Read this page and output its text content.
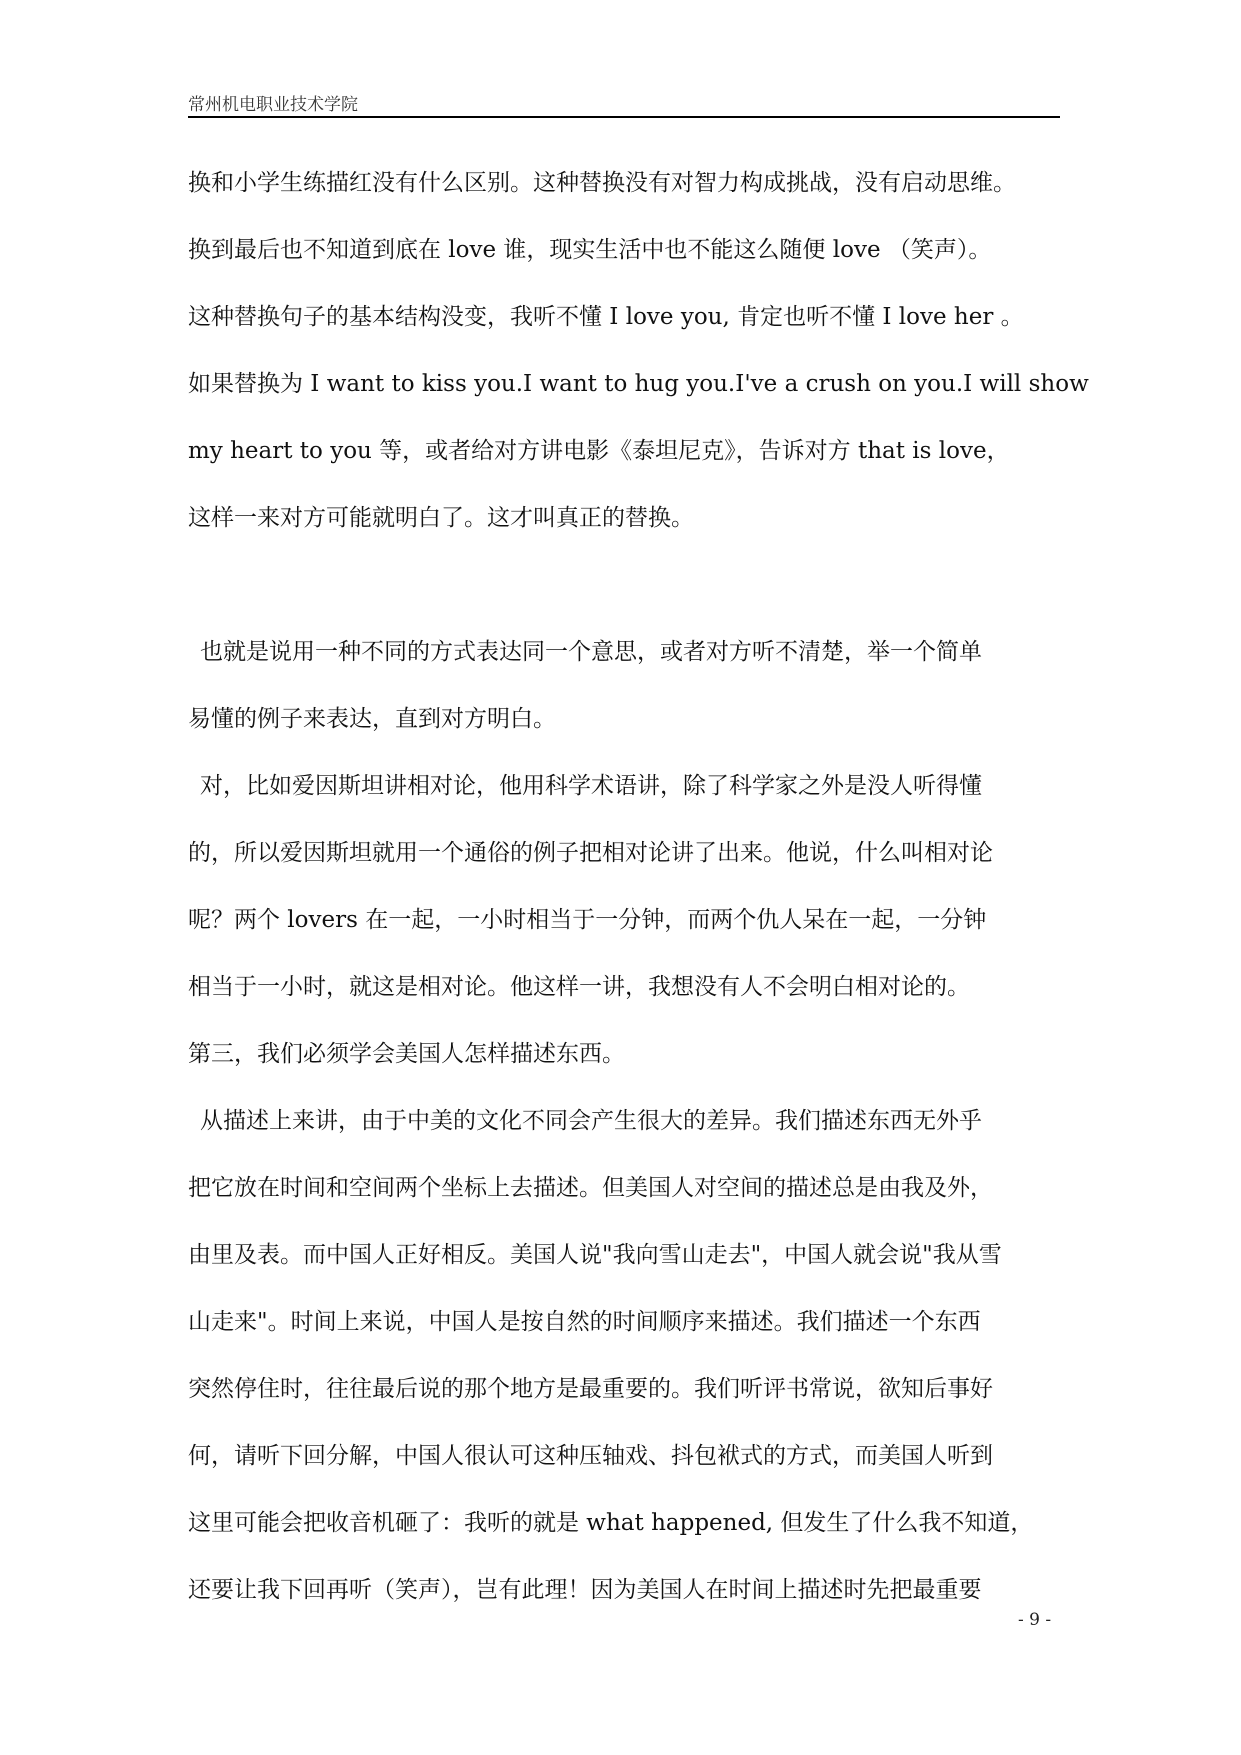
常州机电职业技术学院
换和小学生练描红没有什么区别。这种替换没有对智力构成挑战，没有启动思维。
换到最后也不知道到底在 love 谁，现实生活中也不能这么随便 love （笑声）。
这种替换句子的基本结构没变，我听不懂 I love you, 肯定也听不懂 I love her 。
如果替换为 I want to kiss you.I want to hug you.I've a crush on you.I will show
my heart to you 等，或者给对方讲电影《泰坦尼克》，告诉对方 that is love，
这样一来对方可能就明白了。这才叫真正的替换。
也就是说用一种不同的方式表达同一个意思，或者对方听不清楚，举一个简单
易懂的例子来表达，直到对方明白。
对，比如爱因斯坦讲相对论，他用科学术语讲，除了科学家之外是没人听得懂
的，所以爱因斯坦就用一个通俗的例子把相对论讲了出来。他说，什么叫相对论
呢？两个 lovers 在一起，一小时相当于一分钟，而两个仇人呆在一起，一分钟
相当于一小时，就这是相对论。他这样一讲，我想没有人不会明白相对论的。
第三，我们必须学会美国人怎样描述东西。
从描述上来讲，由于中美的文化不同会产生很大的差异。我们描述东西无外乎
把它放在时间和空间两个坐标上去描述。但美国人对空间的描述总是由我及外，
由里及表。而中国人正好相反。美国人说"我向雪山走去"，中国人就会说"我从雪
山走来"。时间上来说，中国人是按自然的时间顺序来描述。我们描述一个东西
突然停住时，往往最后说的那个地方是最重要的。我们听评书常说，欲知后事好
何，请听下回分解，中国人很认可这种压轴戏、抖包袱式的方式，而美国人听到
这里可能会把收音机砸了：我听的就是 what happened, 但发生了什么我不知道，
还要让我下回再听（笑声），岂有此理！因为美国人在时间上描述时先把最重要
- 9 -
